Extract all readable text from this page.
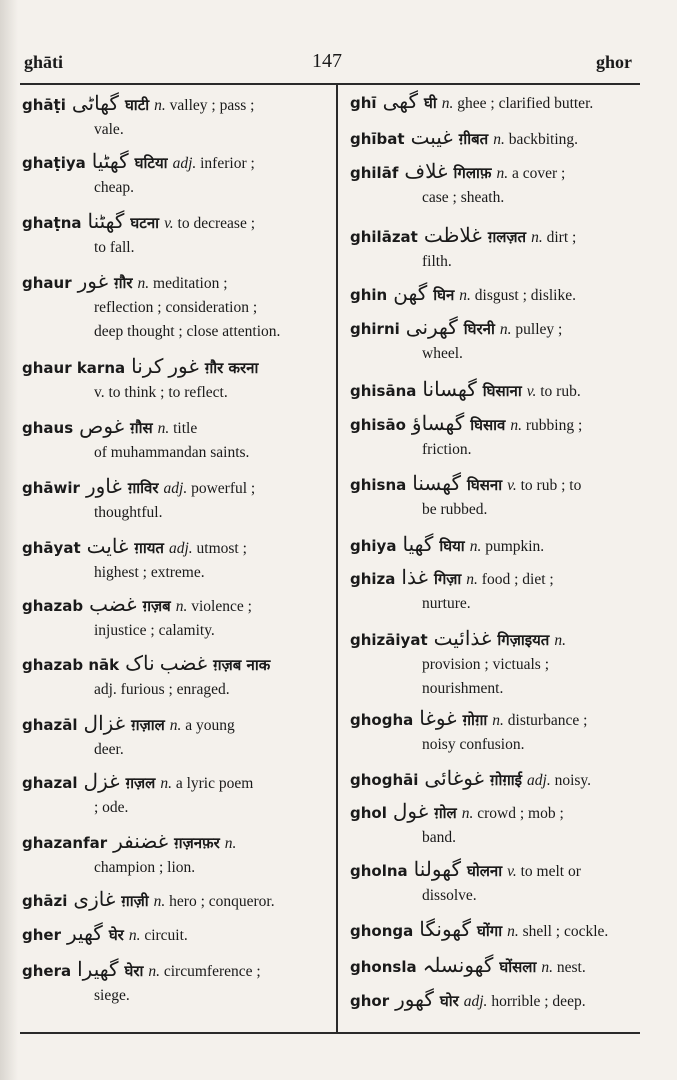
ghāti	147	ghor
ghāṭi گھاٹی घाटी n. valley ; pass ;
vale.
ghaṭiya گھٹیا घटिया adj. inferior ;
cheap.
ghaṭna گھٹنا घटना v. to decrease ;
to fall.
ghaur غور ग़ौर n. meditation ;
reflection ; consideration ;
deep thought ; close attention.
ghaur karna غور کرنا ग़ौर करना
v. to think ; to reflect.
ghaus غوص ग़ौस n. title
of muhammandan saints.
ghāwir غاور ग़ाविर adj. powerful ;
thoughtful.
ghāyat غایت ग़ायत adj. utmost ;
highest ; extreme.
ghazab غضب ग़ज़ब n. violence ;
injustice ; calamity.
ghazab nāk غضب ناک ग़ज़ब नाक
adj. furious ; enraged.
ghazāl غزال ग़ज़ाल n. a young
deer.
ghazal غزل ग़ज़ल n. a lyric poem
; ode.
ghazanfar غضنفر ग़ज़नफ़र n.
champion ; lion.
ghāzi غازی ग़ाज़ी n. hero ; conqueror.
gher گھیر घेर n. circuit.
ghera گھیرا घेरा n. circumference ;
siege.
ghī گھی घी n. ghee ; clarified butter.
ghībat غیبت ग़ीबत n. backbiting.
ghilāf غلاف गिलाफ़ n. a cover ;
case ; sheath.
ghilāzat غلاظت ग़लज़त n. dirt ;
filth.
ghin گھن घिन n. disgust ; dislike.
ghirni گھرنی घिरनी n. pulley ;
wheel.
ghisāna گھسانا घिसाना v. to rub.
ghisāo گھساؤ घिसाव n. rubbing ;
friction.
ghisna گھسنا घिसना v. to rub ; to
be rubbed.
ghiya گھیا घिया n. pumpkin.
ghiza غذا गिज़ा n. food ; diet ;
nurture.
ghizāiyat غذائیت गिज़ाइयत n.
provision ; victuals ;
nourishment.
ghogha غوغا ग़ोग़ा n. disturbance ;
noisy confusion.
ghoghāi غوغائی ग़ोग़ाई adj. noisy.
ghol غول ग़ोल n. crowd ; mob ;
band.
gholna گھولنا घोलना v. to melt or
dissolve.
ghonga گھونگا घोंगा n. shell ; cockle.
ghonsla گھونسلہ घोंसला n. nest.
ghor گھور घोर adj. horrible ; deep.
